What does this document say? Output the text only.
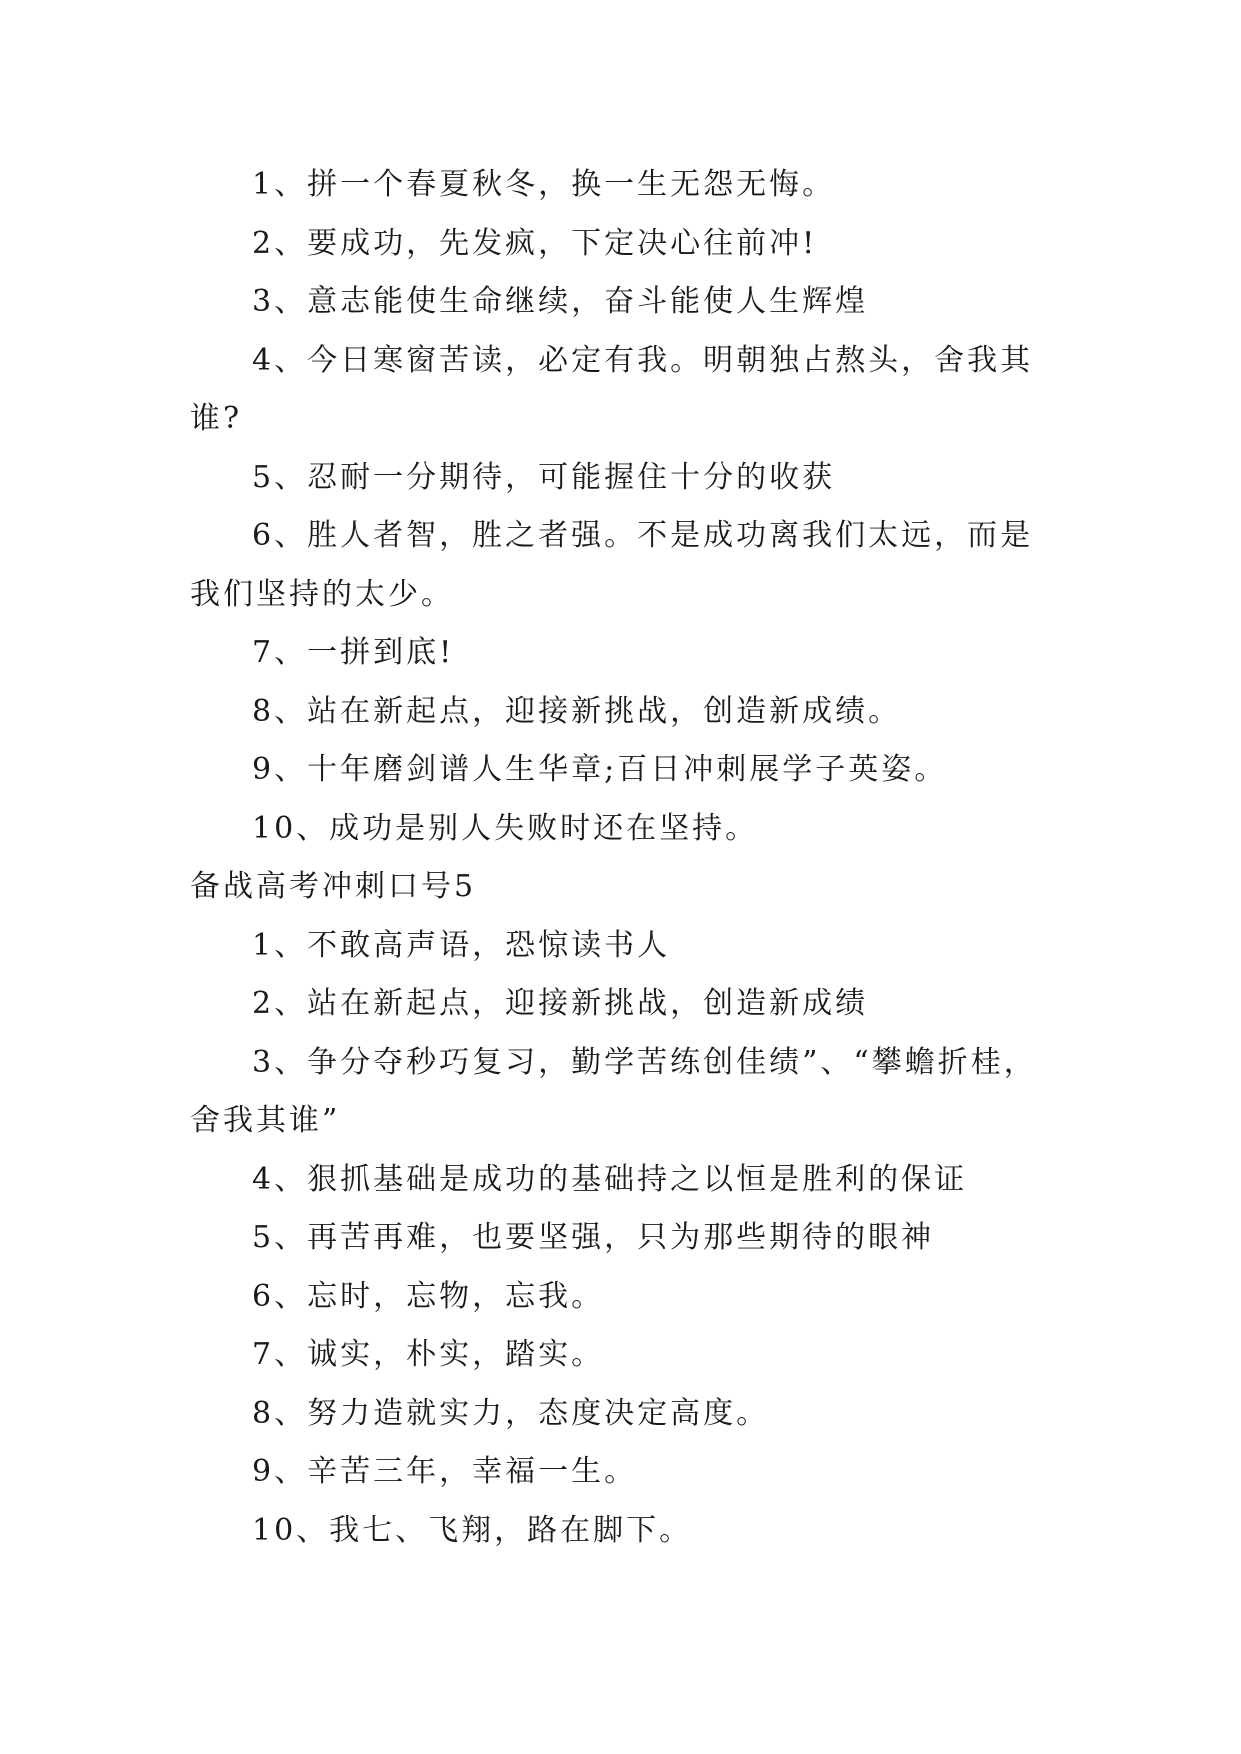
1、拼一个春夏秋冬，换一生无怨无悔。

2、要成功，先发疯，下定决心往前冲!

3、意志能使生命继续，奋斗能使人生辉煌

4、今日寒窗苦读，必定有我。明朝独占熬头，舍我其

谁?

5、忍耐一分期待，可能握住十分的收获

6、胜人者智，胜之者强。不是成功离我们太远，而是

我们坚持的太少。

7、一拼到底!

8、站在新起点，迎接新挑战，创造新成绩。

9、十年磨剑谱人生华章;百日冲刺展学子英姿。

10、成功是别人失败时还在坚持。

备战高考冲刺口号5

1、不敢高声语，恐惊读书人

2、站在新起点，迎接新挑战，创造新成绩

3、争分夺秒巧复习，勤学苦练创佳绩”、“攀蟾折桂，

舍我其谁”

4、狠抓基础是成功的基础持之以恒是胜利的保证

5、再苦再难，也要坚强，只为那些期待的眼神

6、忘时，忘物，忘我。

7、诚实，朴实，踏实。

8、努力造就实力，态度决定高度。

9、辛苦三年，幸福一生。

10、我七、飞翔，路在脚下。
